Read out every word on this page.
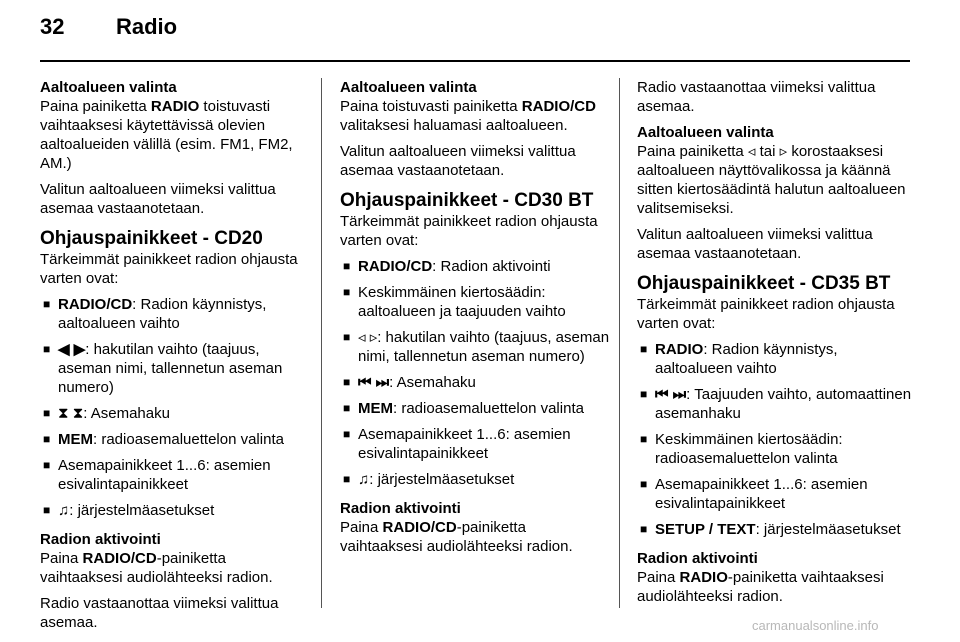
32 Radio
Aaltoalueen valinta

Paina painiketta RADIO toistuvasti vaihtaaksesi käytettävissä olevien aaltoalueiden välillä (esim. FM1, FM2, AM.)

Valitun aaltoalueen viimeksi valittua asemaa vastaanotetaan.

Ohjauspainikkeet - CD20
Tärkeimmät painikkeet radion ohjausta varten ovat:
■ RADIO/CD: Radion käynnistys, aaltoalueen vaihto
■ ◀ ▶: hakutilan vaihto (taajuus, aseman nimi, tallennetun aseman numero)
■ ⧗ ⧗: Asemahaku
■ MEM: radioasemaluettelon valinta
■ Asemapainikkeet 1...6: asemien esivalintapainikkeet
■ ♫: järjestelmäasetukset
Radion aktivointi

Paina RADIO/CD-painiketta vaihtaaksesi audiolähteeksi radion.

Radio vastaanottaa viimeksi valittua asemaa.

Aaltoalueen valinta

Paina toistuvasti painiketta RADIO/CD valitaksesi haluamasi aaltoalueen.

Valitun aaltoalueen viimeksi valittua asemaa vastaanotetaan.

Ohjauspainikkeet - CD30 BT
Tärkeimmät painikkeet radion ohjausta varten ovat:
■ RADIO/CD: Radion aktivointi
■ Keskimmäinen kiertosäädin: aaltoalueen ja taajuuden vaihto
■ ◃ ▹: hakutilan vaihto (taajuus, aseman nimi, tallennetun aseman numero)
■ ⏮ ⏭: Asemahaku
■ MEM: radioasemaluettelon valinta
■ Asemapainikkeet 1...6: asemien esivalintapainikkeet
■ ♫: järjestelmäasetukset
Radion aktivointi

Paina RADIO/CD-painiketta vaihtaaksesi audiolähteeksi radion.

Radio vastaanottaa viimeksi valittua asemaa.

Aaltoalueen valinta

Paina painiketta ◃ tai ▹ korostaaksesi aaltoalueen näyttövalikossa ja käännä sitten kiertosäädintä halutun aaltoalueen valitsemiseksi.

Valitun aaltoalueen viimeksi valittua asemaa vastaanotetaan.

Ohjauspainikkeet - CD35 BT
Tärkeimmät painikkeet radion ohjausta varten ovat:
■ RADIO: Radion käynnistys, aaltoalueen vaihto
■ ⏮ ⏭: Taajuuden vaihto, automaattinen asemanhaku
■ Keskimmäinen kiertosäädin: radioasemaluettelon valinta
■ Asemapainikkeet 1...6: asemien esivalintapainikkeet
■ SETUP / TEXT: järjestelmäasetukset
Radion aktivointi

Paina RADIO-painiketta vaihtaaksesi audiolähteeksi radion.

carmanualsonline.info
